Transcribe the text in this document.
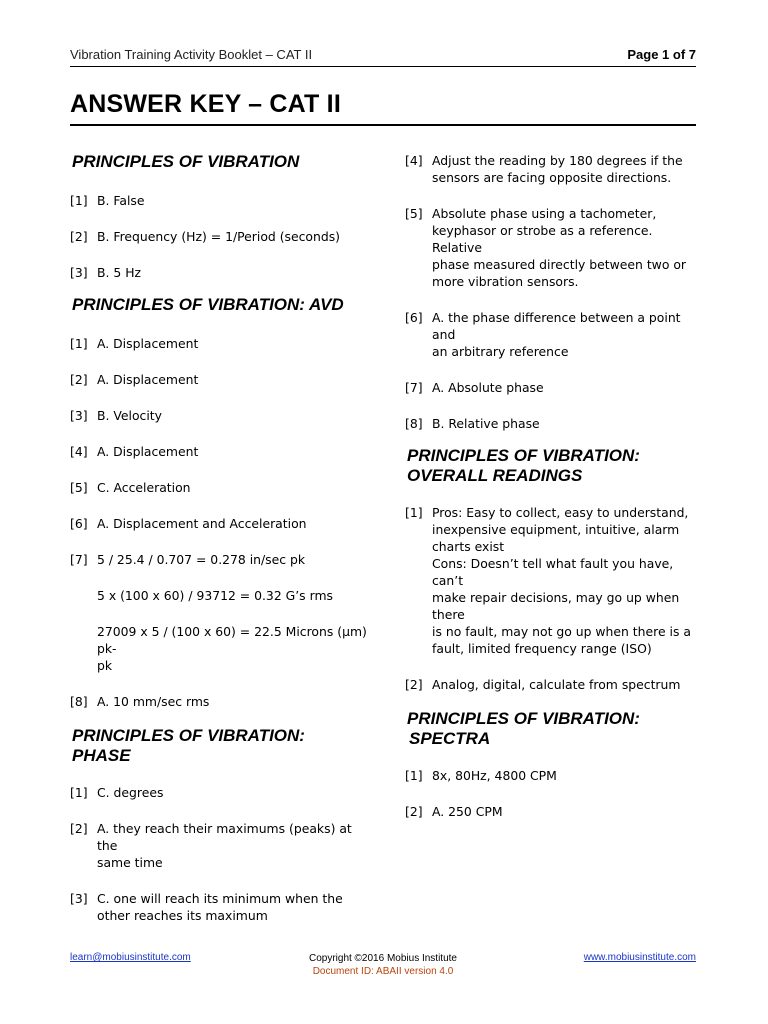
Vibration Training Activity Booklet – CAT II	Page 1 of 7
ANSWER KEY – CAT II
PRINCIPLES OF VIBRATION
[1] B. False
[2] B. Frequency (Hz) = 1/Period (seconds)
[3] B. 5 Hz
PRINCIPLES OF VIBRATION: AVD
[1] A. Displacement
[2] A. Displacement
[3] B. Velocity
[4] A. Displacement
[5] C. Acceleration
[6] A. Displacement and Acceleration
[7] 5 / 25.4 / 0.707 = 0.278 in/sec pk
5 x (100 x 60) / 93712 = 0.32 G’s rms
27009 x 5 / (100 x 60) = 22.5 Microns (µm) pk-
pk
[8] A. 10 mm/sec rms
PRINCIPLES OF VIBRATION:
PHASE
[1] C. degrees
[2] A. they reach their maximums (peaks) at the
same time
[3] C. one will reach its minimum when the
other reaches its maximum
[4] Adjust the reading by 180 degrees if the
sensors are facing opposite directions.
[5] Absolute phase using a tachometer,
keyphasor or strobe as a reference. Relative
phase measured directly between two or
more vibration sensors.
[6] A. the phase difference between a point and
an arbitrary reference
[7] A. Absolute phase
[8] B. Relative phase
PRINCIPLES OF VIBRATION:
OVERALL READINGS
[1] Pros: Easy to collect, easy to understand,
inexpensive equipment, intuitive, alarm
charts exist
Cons: Doesn’t tell what fault you have, can’t
make repair decisions, may go up when there
is no fault, may not go up when there is a
fault, limited frequency range (ISO)
[2] Analog, digital, calculate from spectrum
PRINCIPLES OF VIBRATION:
SPECTRA
[1] 8x, 80Hz, 4800 CPM
[2] A. 250 CPM
learn@mobiusinstitute.com	Copyright ©2016 Mobius Institute
Document ID: ABAII version 4.0
www.mobiusinstitute.com
